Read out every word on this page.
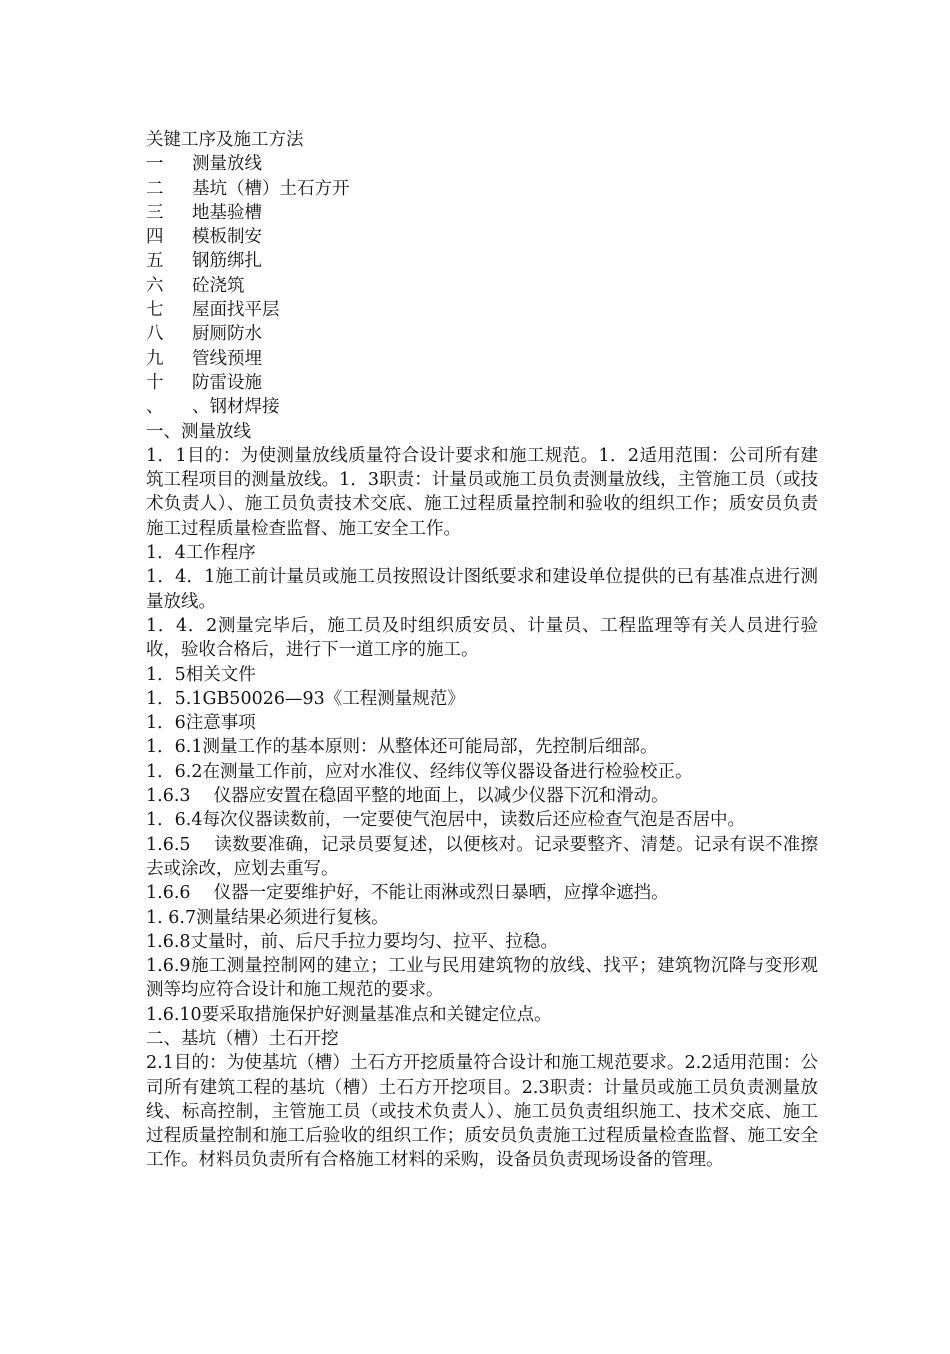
关键工序及施工方法
一 测量放线
二 基坑（槽）土石方开
三 地基验槽
四 模板制安
五 钢筋绑扎
六 砼浇筑
七 屋面找平层
八 厨厕防水
九 管线预埋
十 防雷设施
、 、钢材焊接
一、测量放线

1．1目的：为使测量放线质量符合设计要求和施工规范。1．2适用范围：公司所有建筑工程项目的测量放线。1．3职责：计量员或施工员负责测量放线，主管施工员（或技术负责人）、施工员负责技术交底、施工过程质量控制和验收的组织工作；质安员负责施工过程质量检查监督、施工安全工作。

1．4工作程序

1．4．1施工前计量员或施工员按照设计图纸要求和建设单位提供的已有基准点进行测量放线。

1．4．2测量完毕后，施工员及时组织质安员、计量员、工程监理等有关人员进行验收，验收合格后，进行下一道工序的施工。

1．5相关文件
1．5.1GB50026—93《工程测量规范》
1．6注意事项
1．6.1测量工作的基本原则：从整体还可能局部，先控制后细部。
1．6.2在测量工作前，应对水准仪、经纬仪等仪器设备进行检验校正。
1.6.3　 仪器应安置在稳固平整的地面上，以减少仪器下沉和滑动。
1．6.4每次仪器读数前，一定要使气泡居中，读数后还应检查气泡是否居中。

1.6.5　 读数要准确，记录员要复述，以便核对。记录要整齐、清楚。记录有误不准擦去或涂改，应划去重写。

1.6.6　 仪器一定要维护好，不能让雨淋或烈日暴晒，应撑伞遮挡。
1. 6.7测量结果必须进行复核。
1.6.8丈量时，前、后尺手拉力要均匀、拉平、拉稳。

1.6.9施工测量控制网的建立；工业与民用建筑物的放线、找平；建筑物沉降与变形观测等均应符合设计和施工规范的要求。

1.6.10要采取措施保护好测量基准点和关键定位点。
二、基坑（槽）土石开挖

2.1目的：为使基坑（槽）土石方开挖质量符合设计和施工规范要求。2.2适用范围：公司所有建筑工程的基坑（槽）土石方开挖项目。2.3职责：计量员或施工员负责测量放线、标高控制，主管施工员（或技术负责人）、施工员负责组织施工、技术交底、施工过程质量控制和施工后验收的组织工作；质安员负责施工过程质量检查监督、施工安全工作。材料员负责所有合格施工材料的采购，设备员负责现场设备的管理。
